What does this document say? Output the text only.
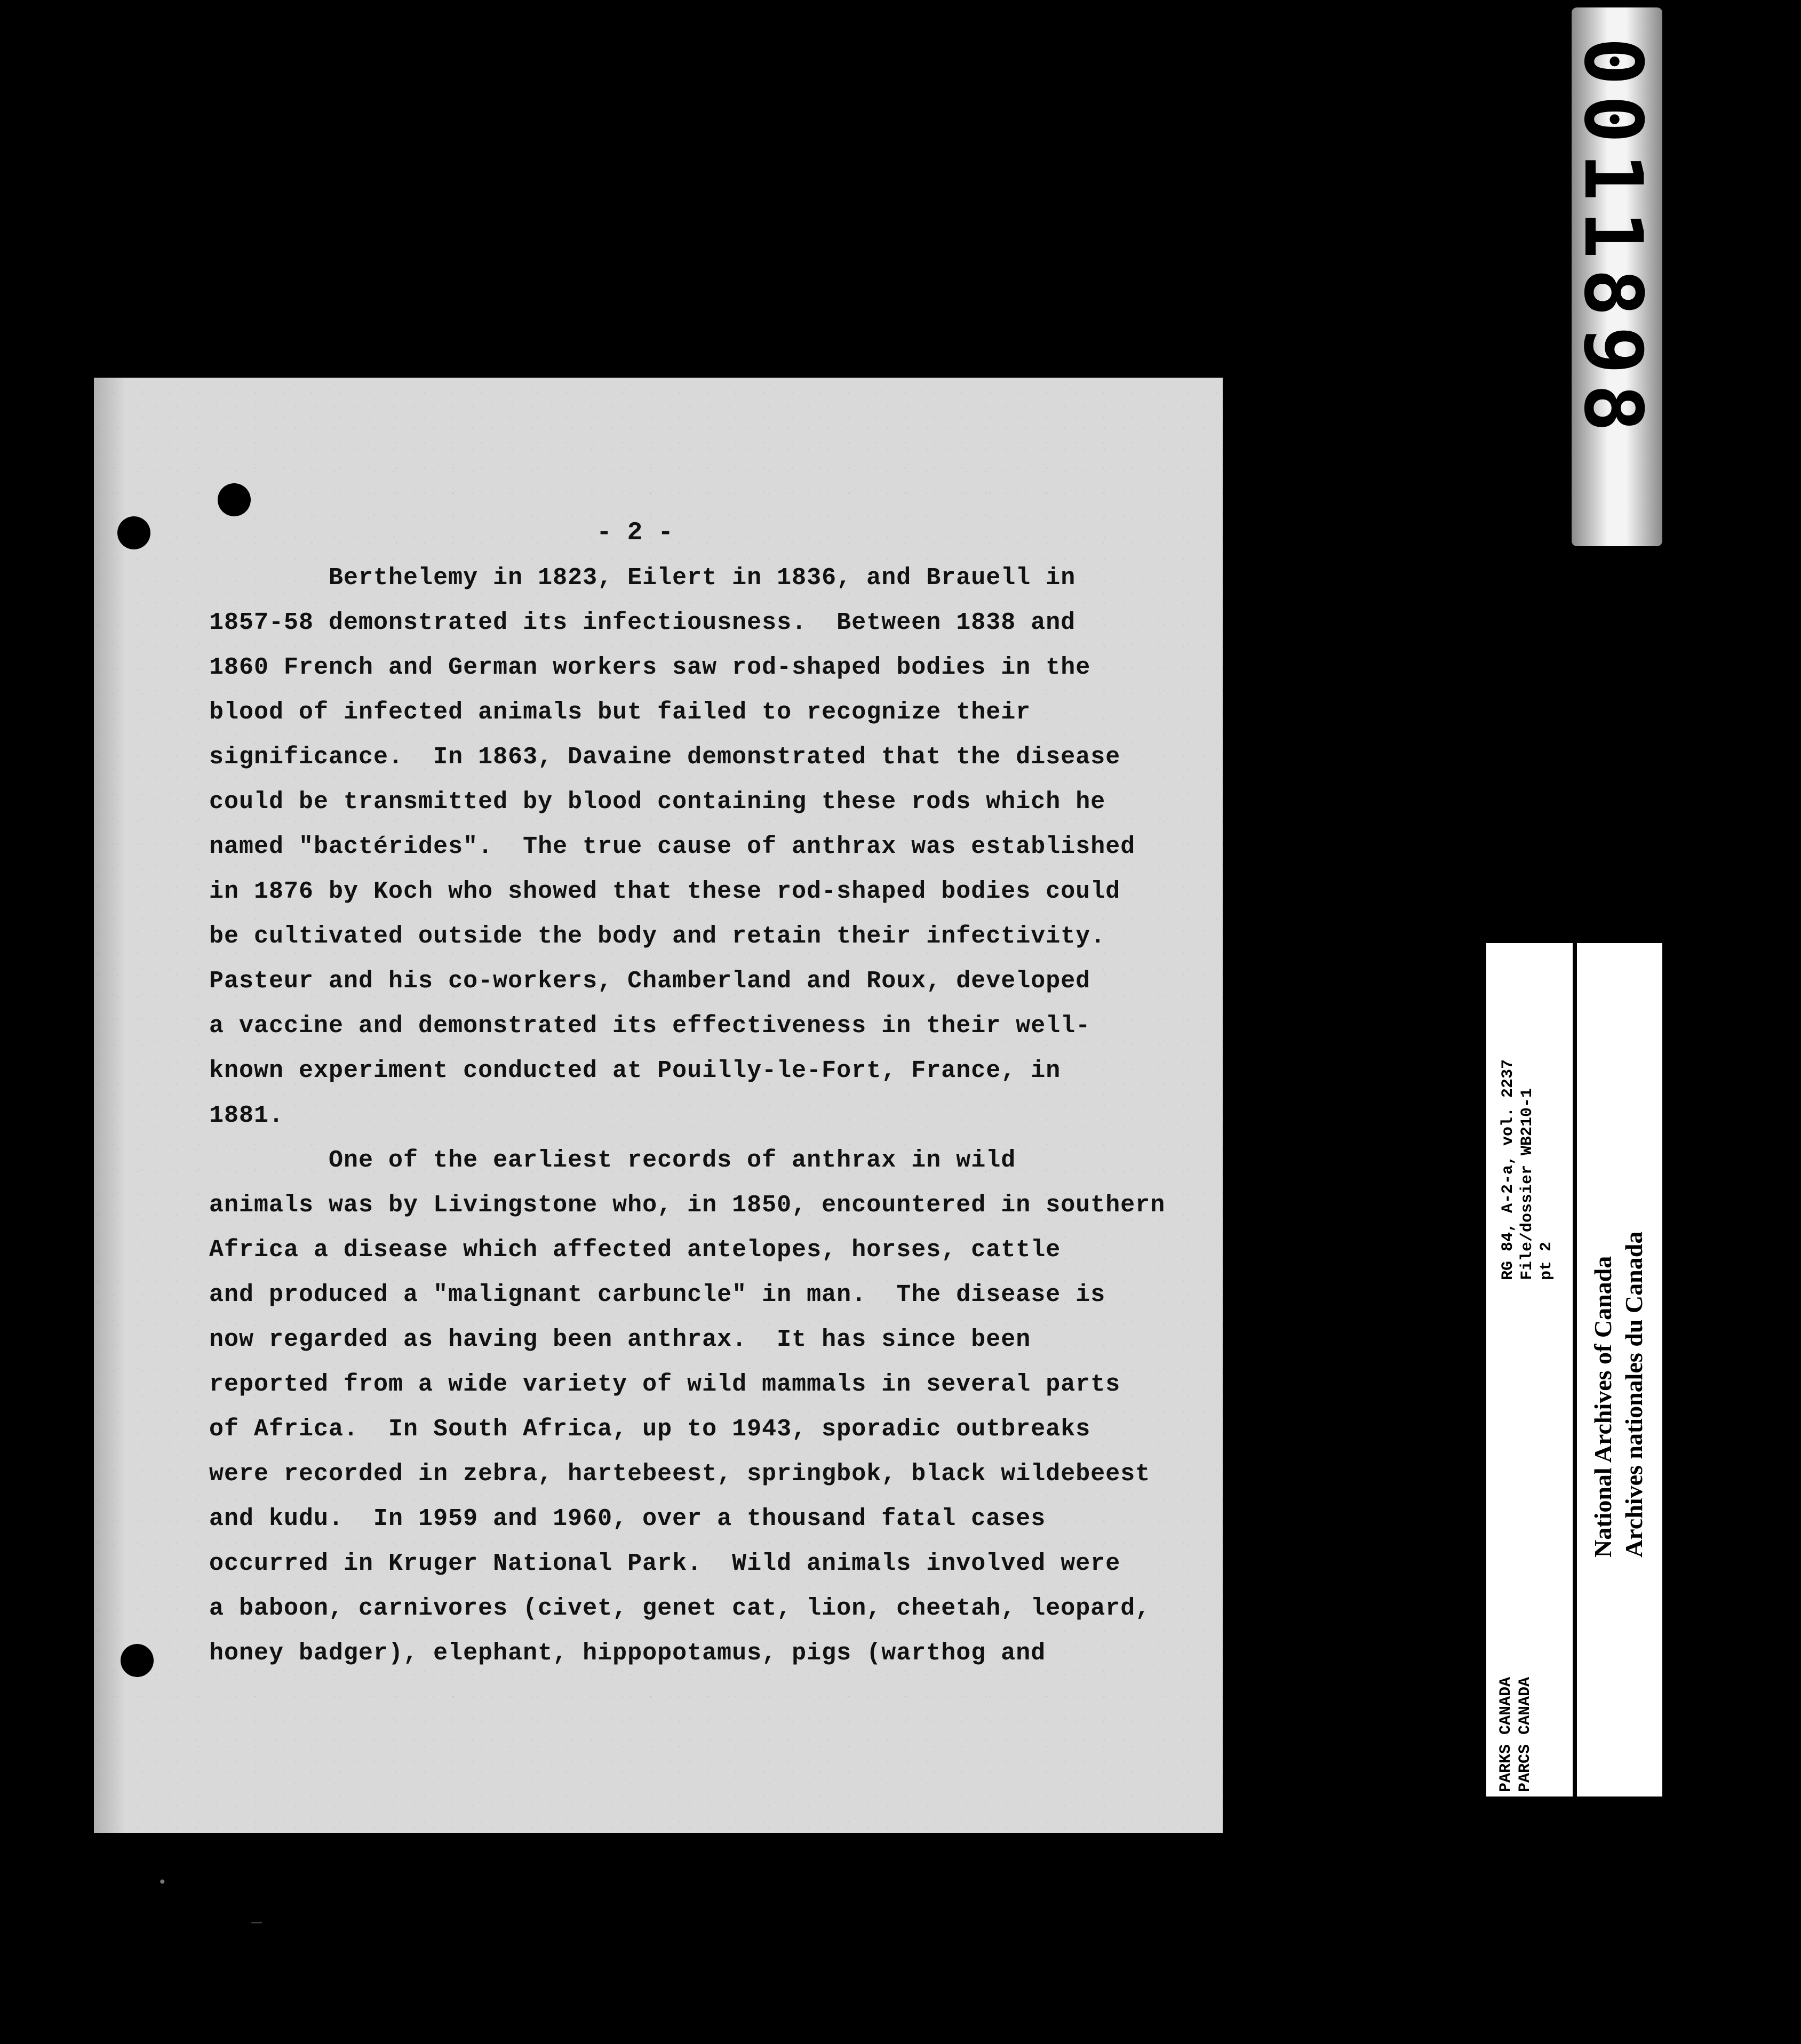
0011898
- 2 -

Berthelemy in 1823, Eilert in 1836, and Brauell in

1857-58 demonstrated its infectiousness.  Between 1838 and

1860 French and German workers saw rod-shaped bodies in the

blood of infected animals but failed to recognize their

significance.  In 1863, Davaine demonstrated that the disease

could be transmitted by blood containing these rods which he

named "bactérides".  The true cause of anthrax was established

in 1876 by Koch who showed that these rod-shaped bodies could

be cultivated outside the body and retain their infectivity.

Pasteur and his co-workers, Chamberland and Roux, developed

a vaccine and demonstrated its effectiveness in their well-

known experiment conducted at Pouilly-le-Fort, France, in

1881.

One of the earliest records of anthrax in wild

animals was by Livingstone who, in 1850, encountered in southern

Africa a disease which affected antelopes, horses, cattle

and produced a "malignant carbuncle" in man.  The disease is

now regarded as having been anthrax.  It has since been

reported from a wide variety of wild mammals in several parts

of Africa.  In South Africa, up to 1943, sporadic outbreaks

were recorded in zebra, hartebeest, springbok, black wildebeest

and kudu.  In 1959 and 1960, over a thousand fatal cases

occurred in Kruger National Park.  Wild animals involved were

a baboon, carnivores (civet, genet cat, lion, cheetah, leopard,

honey badger), elephant, hippopotamus, pigs (warthog and

PARKS CANADA PARCS CANADA
RG 84, A-2-a, vol. 2237 File/dossier WB210-1 pt 2 National Archives of Canada Archives nationales du Canada
•
—
